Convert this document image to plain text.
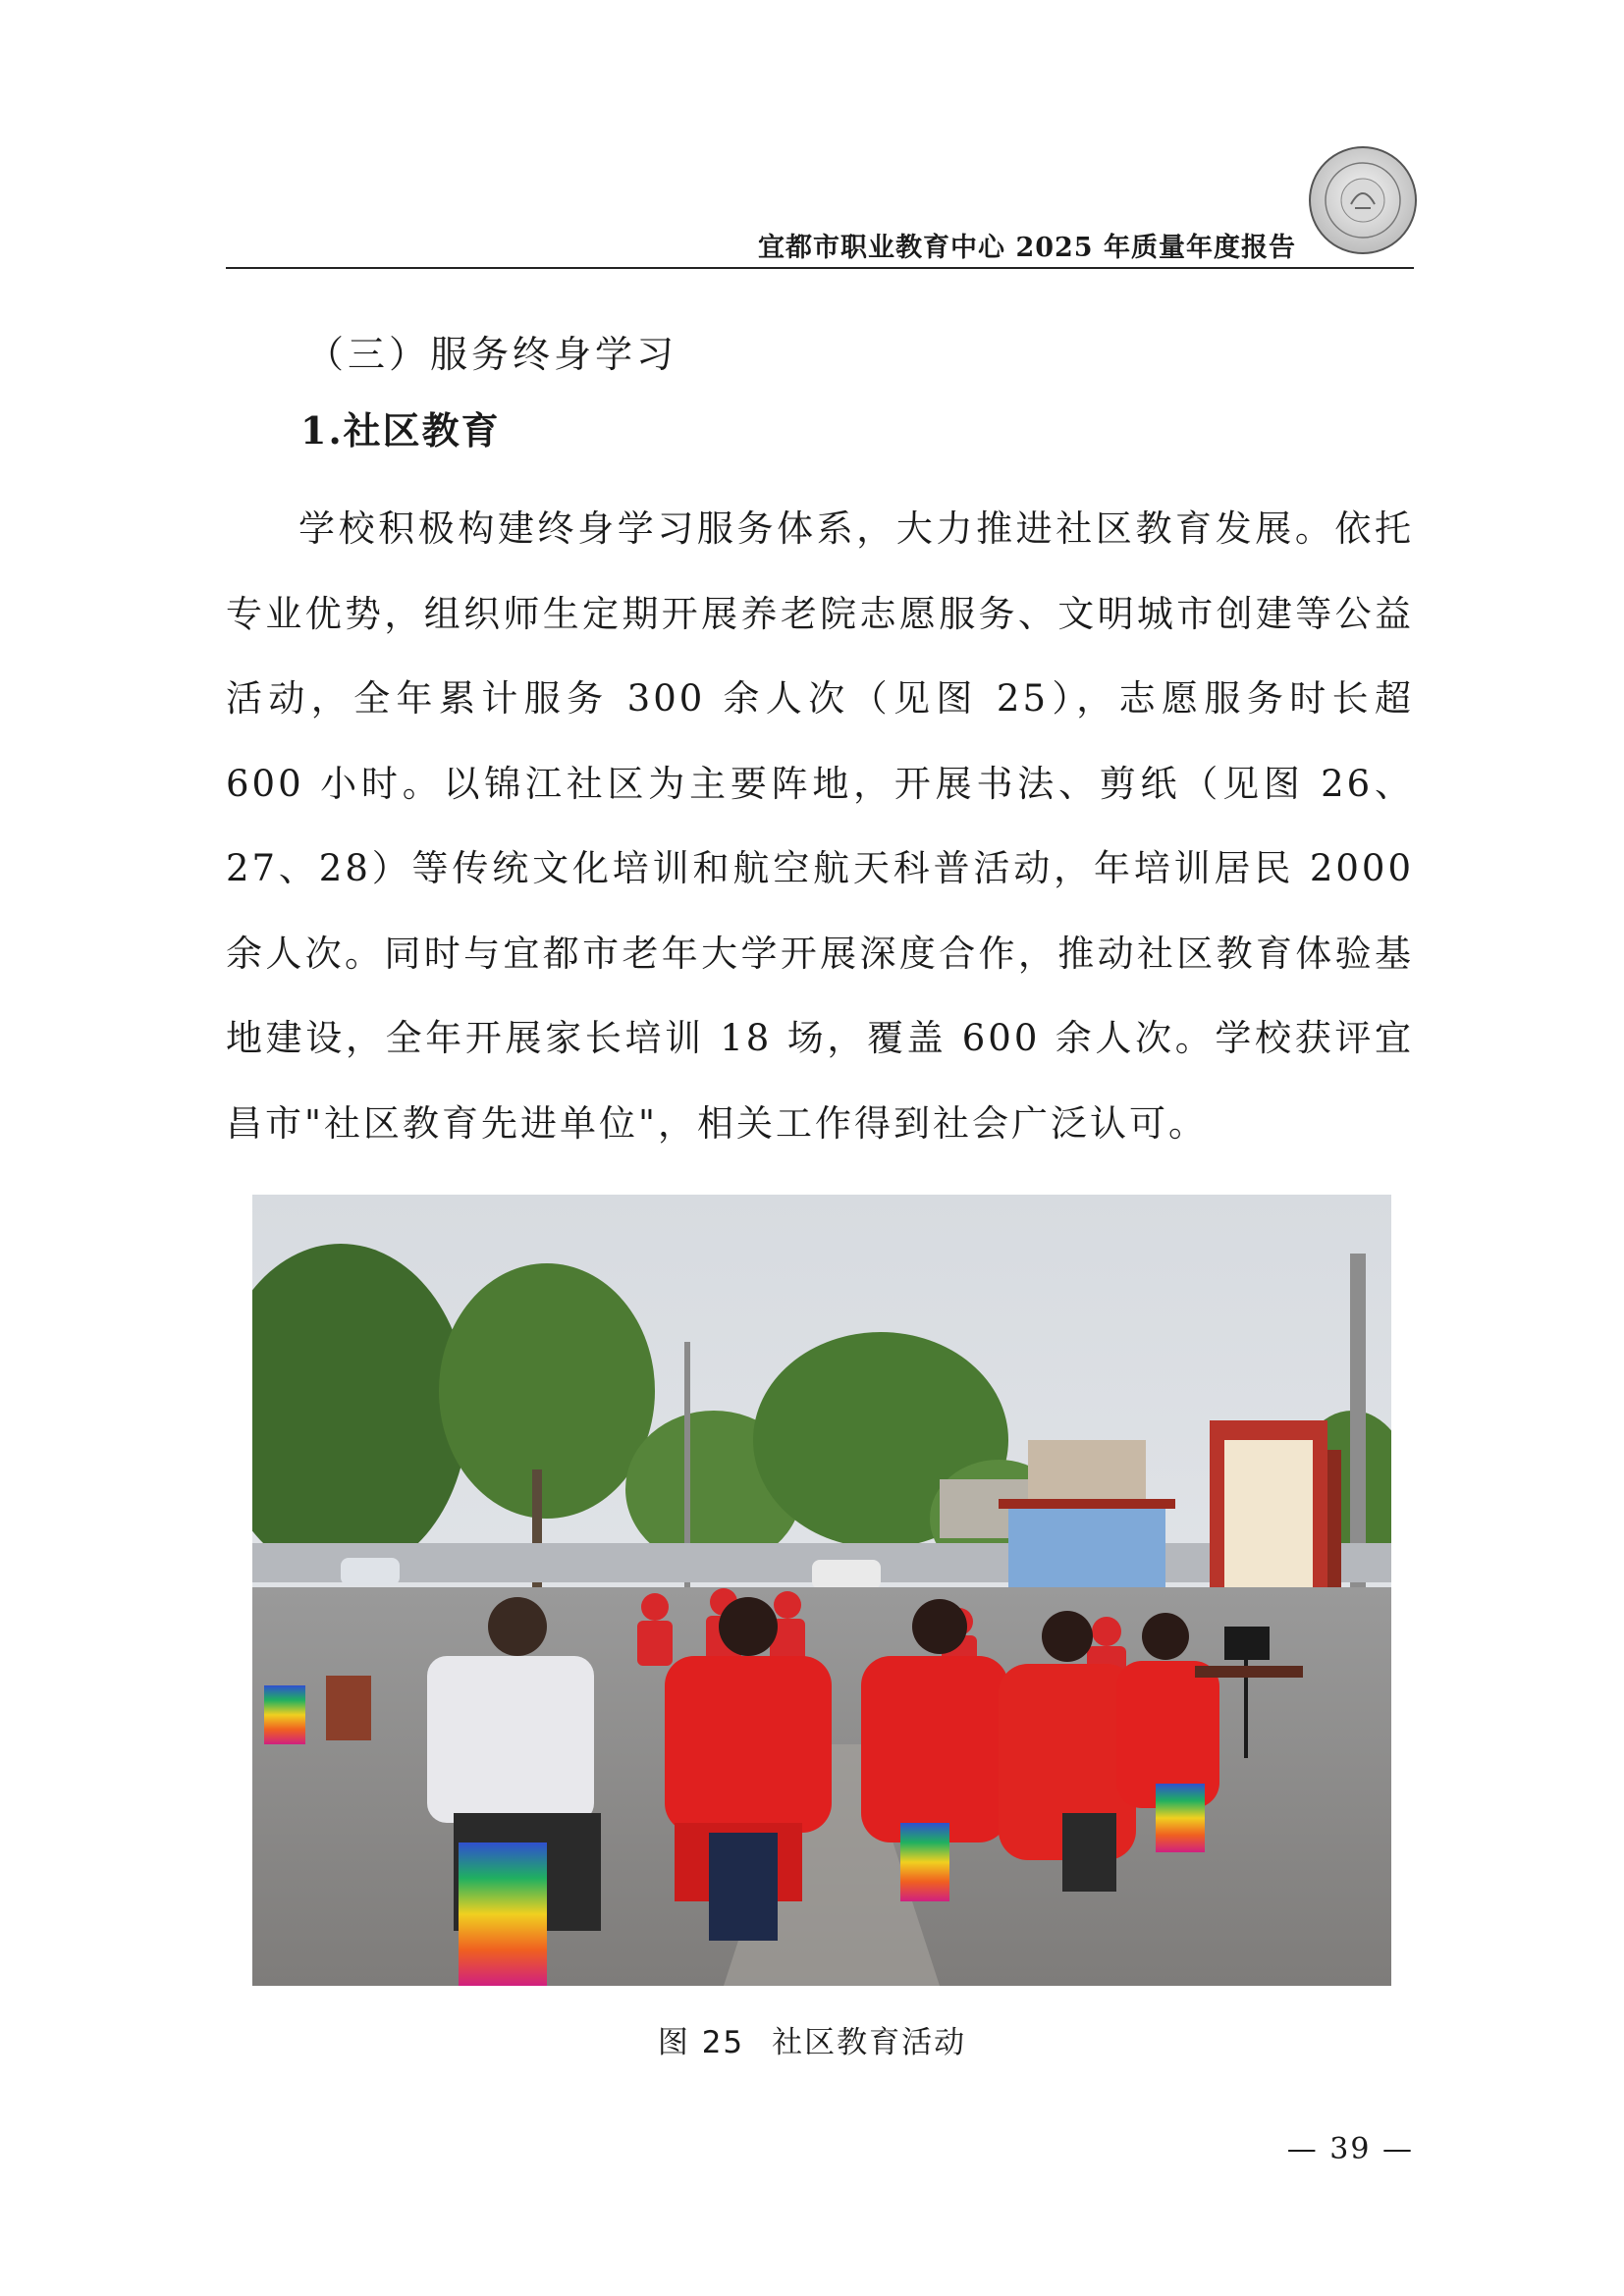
宜都市职业教育中心 2025 年质量年度报告
（三）服务终身学习
1.社区教育

学校积极构建终身学习服务体系，大力推进社区教育发展。依托专业优势，组织师生定期开展养老院志愿服务、文明城市创建等公益活动，全年累计服务 300 余人次（见图 25），志愿服务时长超 600 小时。以锦江社区为主要阵地，开展书法、剪纸（见图 26、27、28）等传统文化培训和航空航天科普活动，年培训居民 2000 余人次。同时与宜都市老年大学开展深度合作，推动社区教育体验基地建设，全年开展家长培训 18 场，覆盖 600 余人次。学校获评宜昌市"社区教育先进单位"，相关工作得到社会广泛认可。

图 25 社区教育活动
— 39 —
